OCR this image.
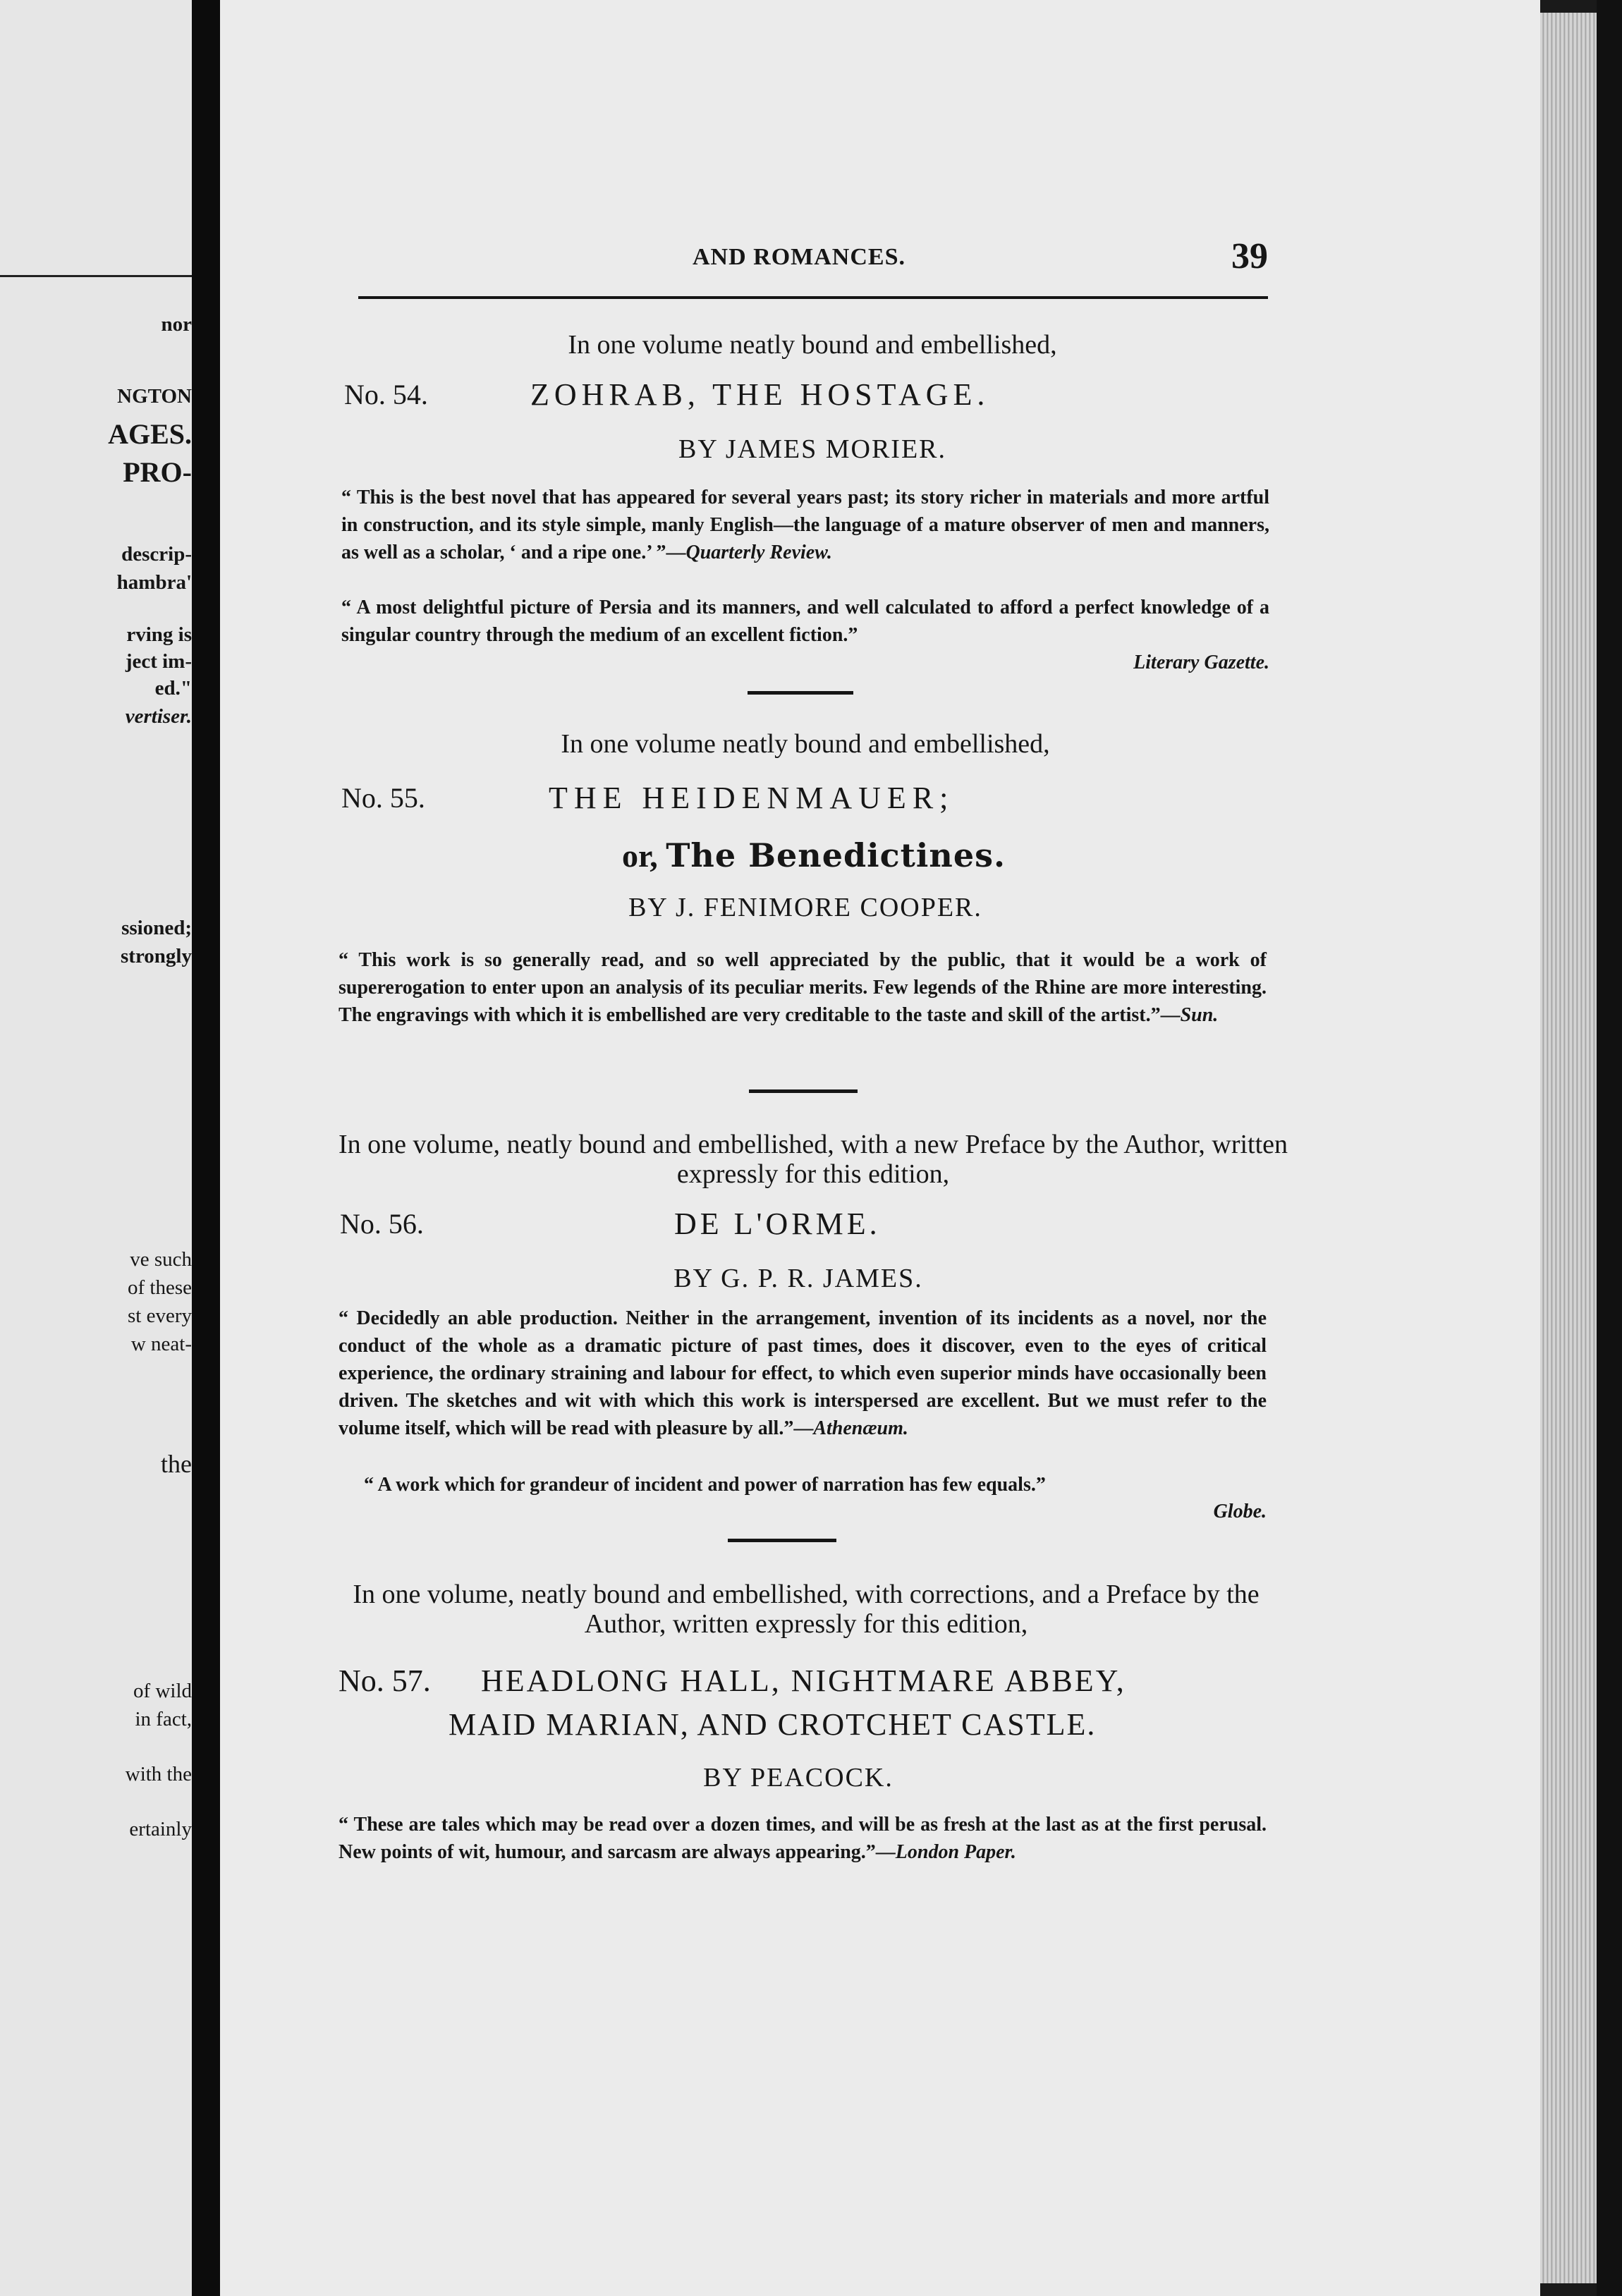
nor
NGTON
AGES.
PRO-
descrip-
hambra'
rving is
ject im-
ed."
vertiser.
ssioned;
strongly
ve such
of these
st every
w neat-
the
of wild
in fact,
with the
ertainly
AND ROMANCES.	39
In one volume neatly bound and embellished,
No. 54.	ZOHRAB, THE HOSTAGE.
BY JAMES MORIER.
“ This is the best novel that has appeared for several years past; its story richer in materials and more artful in construction, and its style simple, manly English—the language of a mature observer of men and manners, as well as a scholar, ‘ and a ripe one.’ ”—Quarterly Review.
“ A most delightful picture of Persia and its manners, and well calculated to afford a perfect knowledge of a singular country through the medium of an excellent fiction.”
Literary Gazette.
In one volume neatly bound and embellished,
No. 55.	THE HEIDENMAUER;
or, The Benedictines.
BY J. FENIMORE COOPER.
“ This work is so generally read, and so well appreciated by the public, that it would be a work of supererogation to enter upon an analysis of its peculiar merits. Few legends of the Rhine are more interesting. The engravings with which it is embellished are very creditable to the taste and skill of the artist.”—Sun.
In one volume, neatly bound and embellished, with a new Preface by the Author, written expressly for this edition,
No. 56.	DE L'ORME.
BY G. P. R. JAMES.
“ Decidedly an able production. Neither in the arrangement, invention of its incidents as a novel, nor the conduct of the whole as a dramatic picture of past times, does it discover, even to the eyes of critical experience, the ordinary straining and labour for effect, to which even superior minds have occasionally been driven. The sketches and wit with which this work is interspersed are excellent. But we must refer to the volume itself, which will be read with pleasure by all.”—Athenæum.
“ A work which for grandeur of incident and power of narration has few equals.”
Globe.
In one volume, neatly bound and embellished, with corrections, and a Preface by the Author, written expressly for this edition,
No. 57. HEADLONG HALL, NIGHTMARE ABBEY,
MAID MARIAN, AND CROTCHET CASTLE.
BY PEACOCK.
“ These are tales which may be read over a dozen times, and will be as fresh at the last as at the first perusal. New points of wit, humour, and sarcasm are always appearing.”—London Paper.
